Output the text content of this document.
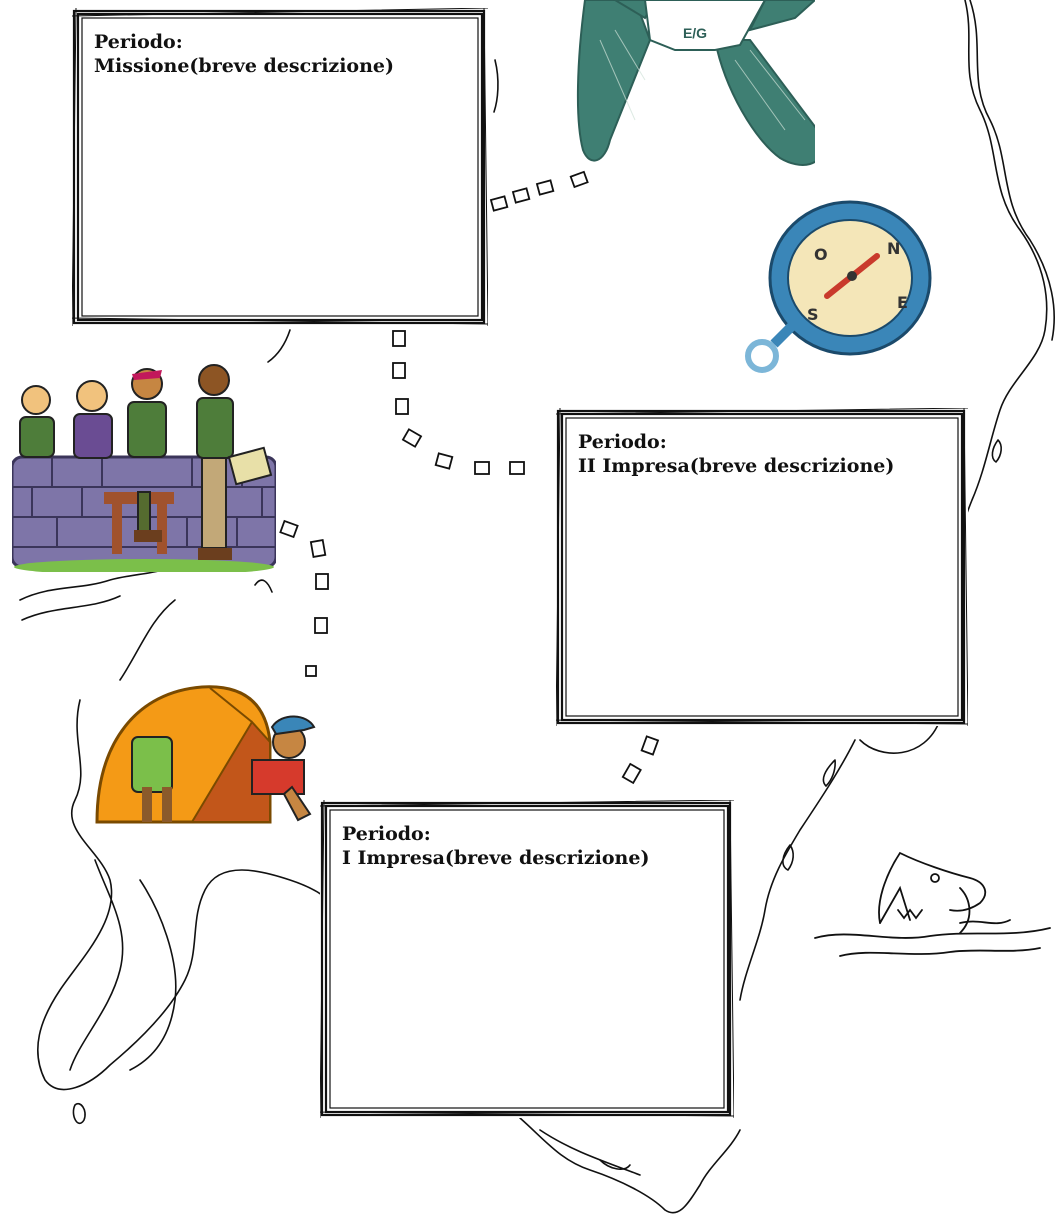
E/G
N
E
S
O
Periodo:
Missione(breve descrizione)
Periodo:
II Impresa(breve descrizione)
Periodo:
I Impresa(breve descrizione)
